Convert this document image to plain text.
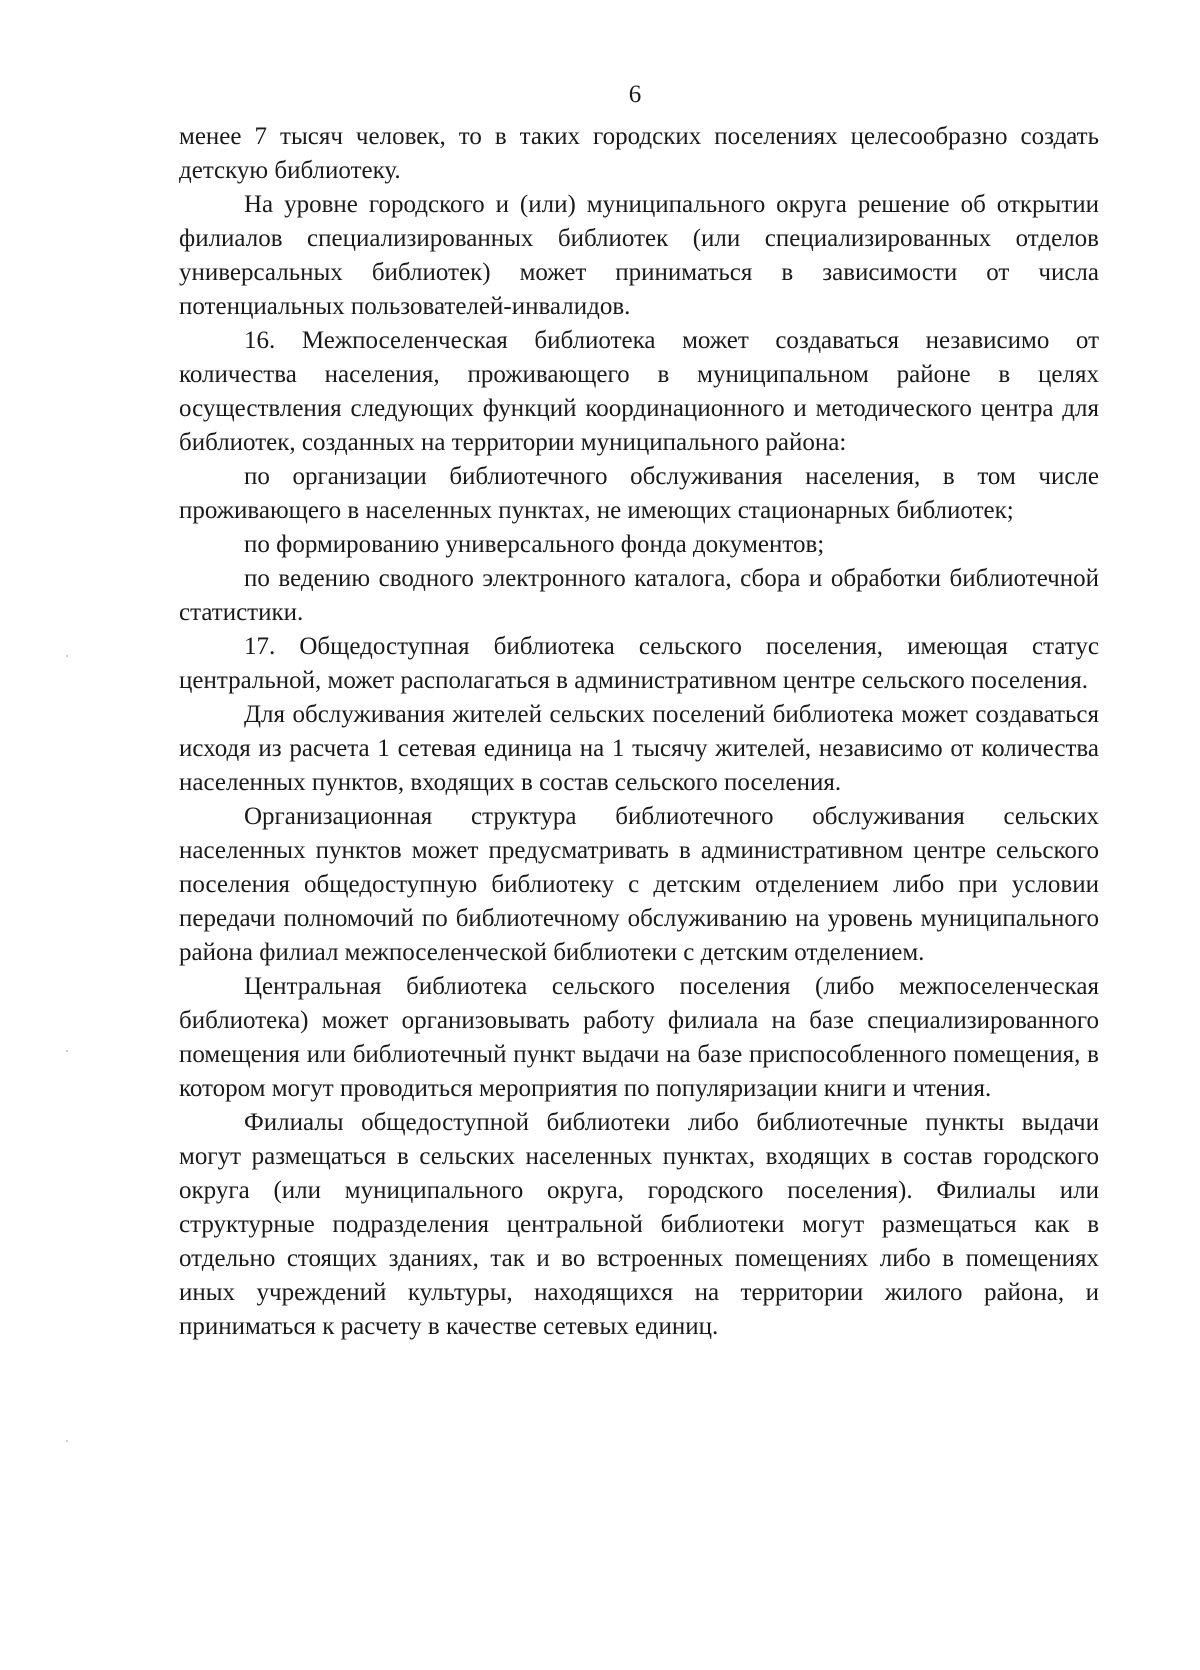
6

менее 7 тысяч человек, то в таких городских поселениях целесообразно создать детскую библиотеку.

На уровне городского и (или) муниципального округа решение об открытии филиалов специализированных библиотек (или специализированных отделов универсальных библиотек) может приниматься в зависимости от числа потенциальных пользователей-инвалидов.

16. Межпоселенческая библиотека может создаваться независимо от количества населения, проживающего в муниципальном районе в целях осуществления следующих функций координационного и методического центра для библиотек, созданных на территории муниципального района:

по организации библиотечного обслуживания населения, в том числе проживающего в населенных пунктах, не имеющих стационарных библиотек;

по формированию универсального фонда документов;

по ведению сводного электронного каталога, сбора и обработки библиотечной статистики.

17. Общедоступная библиотека сельского поселения, имеющая статус центральной, может располагаться в административном центре сельского поселения.

Для обслуживания жителей сельских поселений библиотека может создаваться исходя из расчета 1 сетевая единица на 1 тысячу жителей, независимо от количества населенных пунктов, входящих в состав сельского поселения.

Организационная структура библиотечного обслуживания сельских населенных пунктов может предусматривать в административном центре сельского поселения общедоступную библиотеку с детским отделением либо при условии передачи полномочий по библиотечному обслуживанию на уровень муниципального района филиал межпоселенческой библиотеки с детским отделением.

Центральная библиотека сельского поселения (либо межпоселенческая библиотека) может организовывать работу филиала на базе специализированного помещения или библиотечный пункт выдачи на базе приспособленного помещения, в котором могут проводиться мероприятия по популяризации книги и чтения.

Филиалы общедоступной библиотеки либо библиотечные пункты выдачи могут размещаться в сельских населенных пунктах, входящих в состав городского округа (или муниципального округа, городского поселения). Филиалы или структурные подразделения центральной библиотеки могут размещаться как в отдельно стоящих зданиях, так и во встроенных помещениях либо в помещениях иных учреждений культуры, находящихся на территории жилого района, и приниматься к расчету в качестве сетевых единиц.
